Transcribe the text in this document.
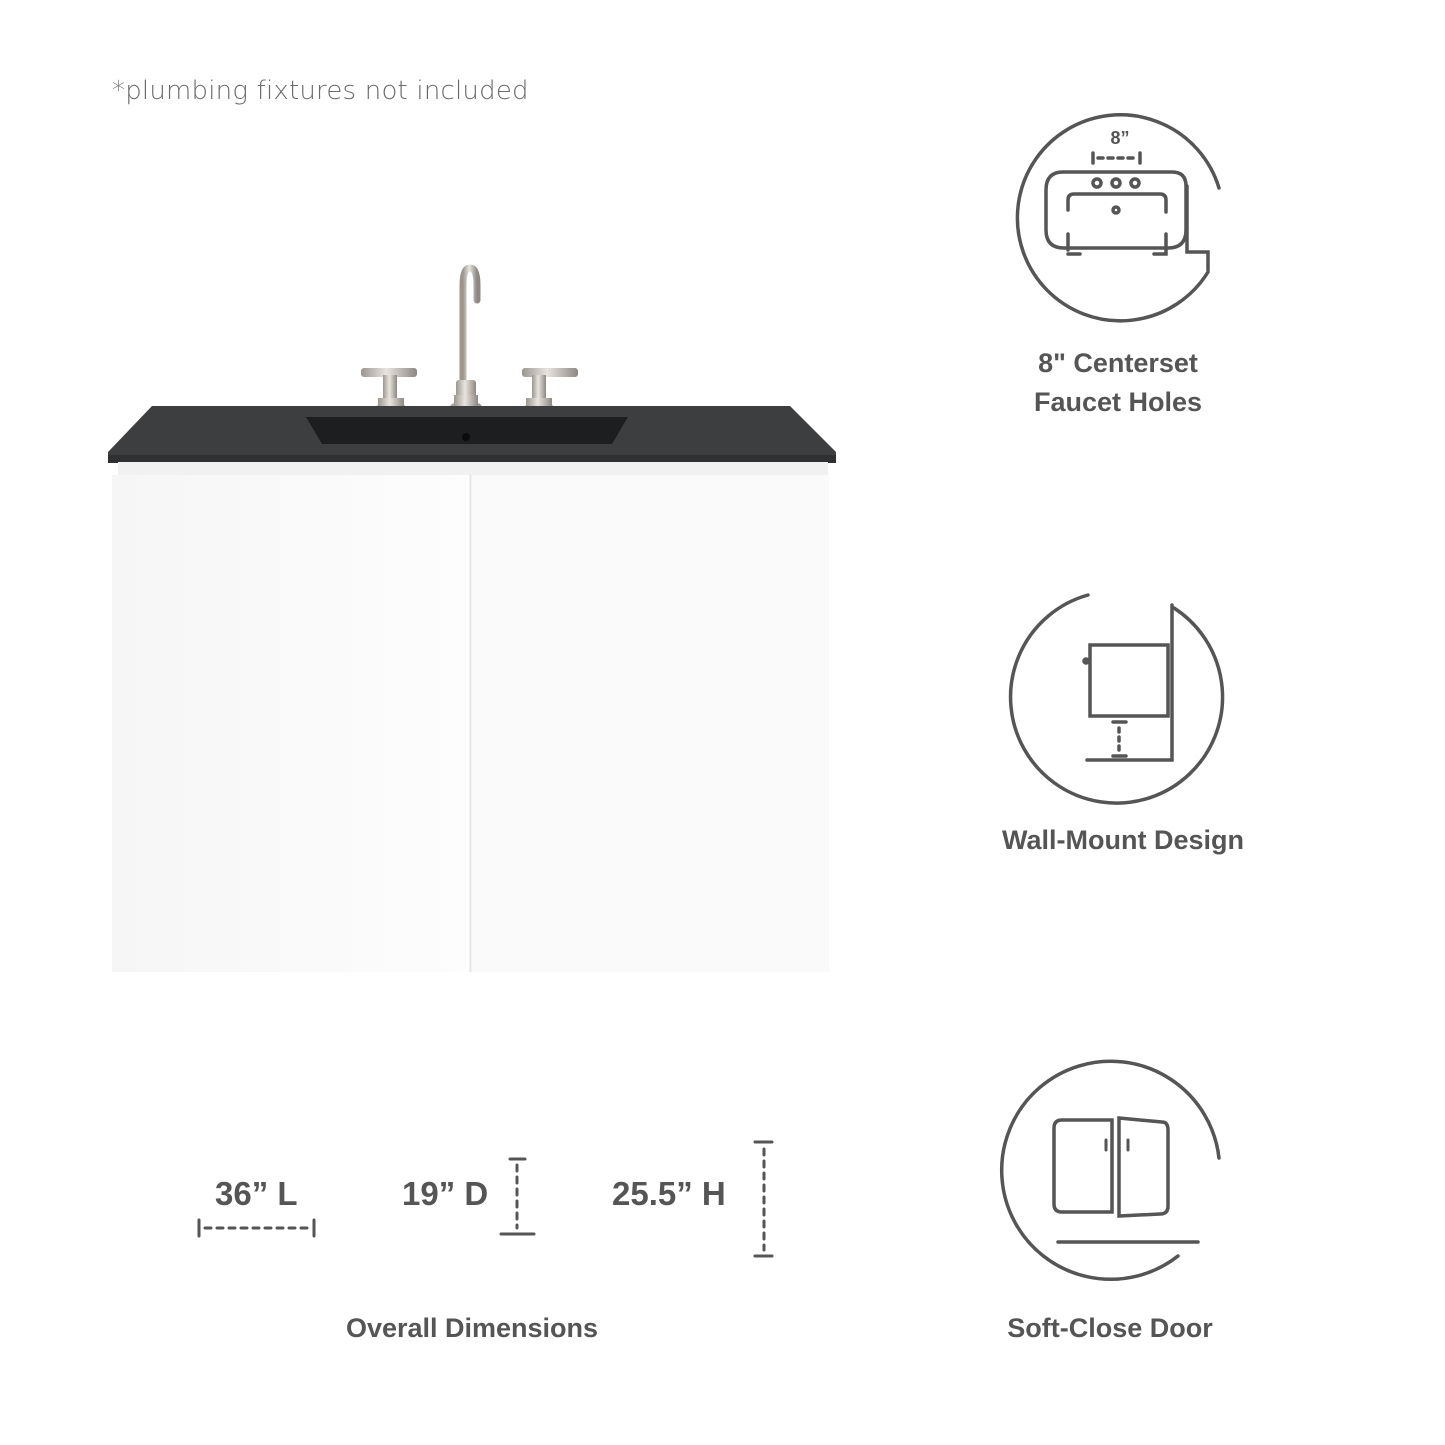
*plumbing fixtures not included
8”
8" Centerset
Faucet Holes
Wall-Mount Design
Soft-Close Door
36” L	19” D	25.5” H
Overall Dimensions
